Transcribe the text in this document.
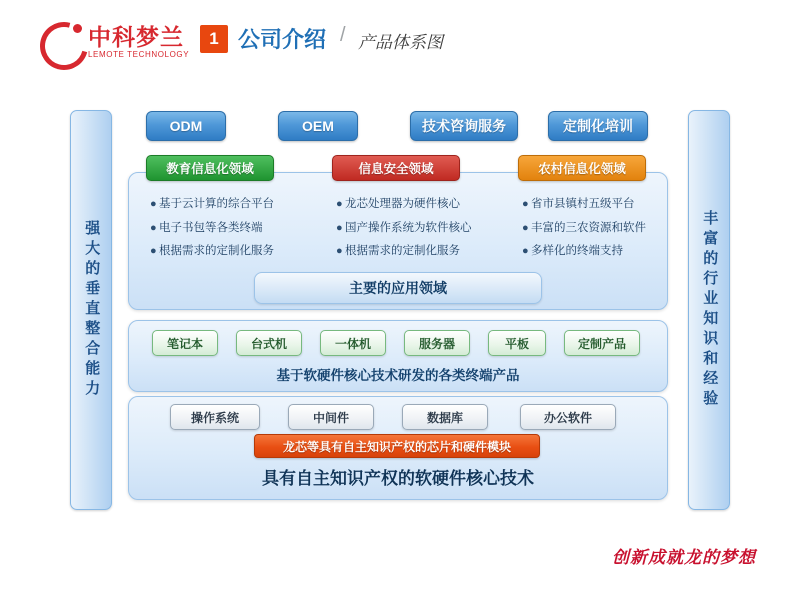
中科梦兰
LEMOTE TECHNOLOGY
1 公司介绍 / 产品体系图
强大的垂直整合能力	丰富的行业知识和经验
ODM	OEM	技术咨询服务	定制化培训
教育信息化领域	信息安全领域	农村信息化领域
● 基于云计算的综合平台
● 电子书包等各类终端
● 根据需求的定制化服务
● 龙芯处理器为硬件核心
● 国产操作系统为软件核心
● 根据需求的定制化服务
● 省市县镇村五级平台
● 丰富的三农资源和软件
● 多样化的终端支持
主要的应用领域
笔记本	台式机	一体机	服务器	平板	定制产品
基于软硬件核心技术研发的各类终端产品
操作系统	中间件	数据库	办公软件
龙芯等具有自主知识产权的芯片和硬件模块
具有自主知识产权的软硬件核心技术
创新成就龙的梦想
